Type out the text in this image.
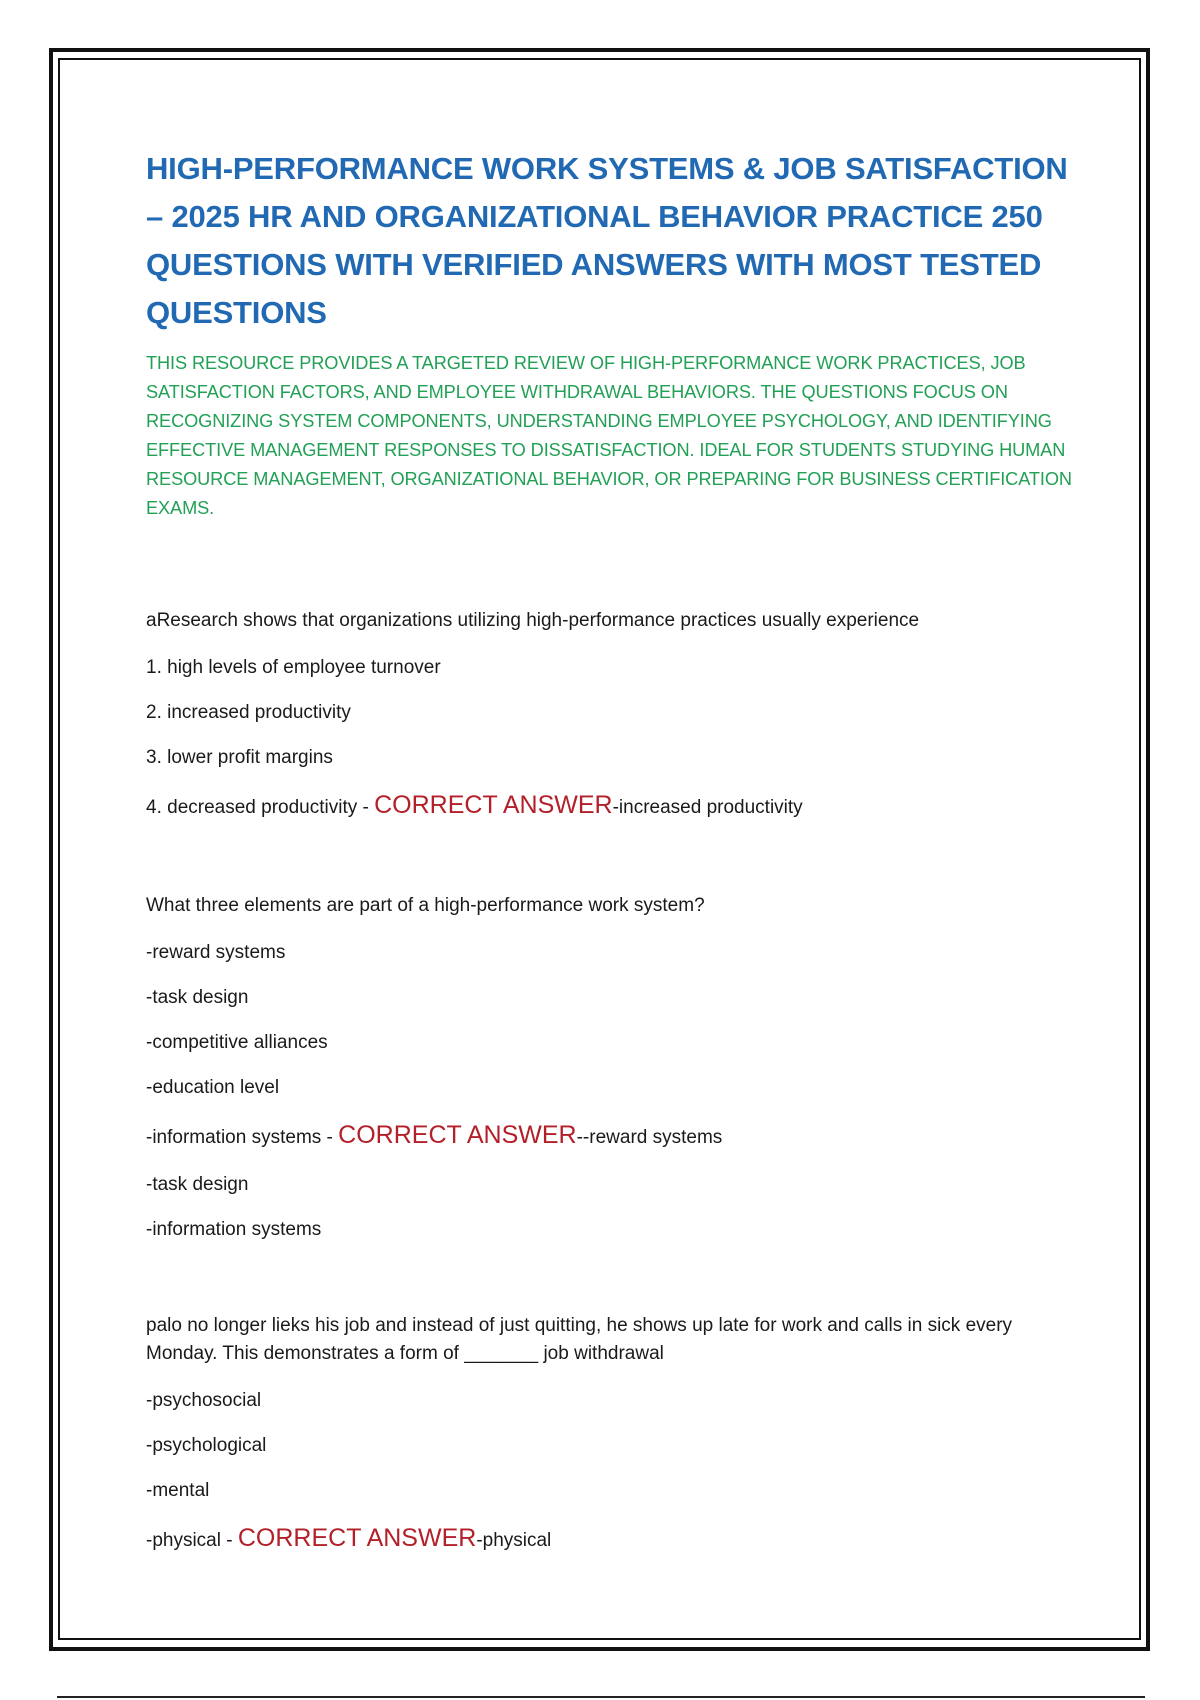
HIGH-PERFORMANCE WORK SYSTEMS & JOB SATISFACTION – 2025 HR AND ORGANIZATIONAL BEHAVIOR PRACTICE 250 QUESTIONS WITH VERIFIED ANSWERS WITH MOST TESTED QUESTIONS

THIS RESOURCE PROVIDES A TARGETED REVIEW OF HIGH-PERFORMANCE WORK PRACTICES, JOB SATISFACTION FACTORS, AND EMPLOYEE WITHDRAWAL BEHAVIORS. THE QUESTIONS FOCUS ON RECOGNIZING SYSTEM COMPONENTS, UNDERSTANDING EMPLOYEE PSYCHOLOGY, AND IDENTIFYING EFFECTIVE MANAGEMENT RESPONSES TO DISSATISFACTION. IDEAL FOR STUDENTS STUDYING HUMAN RESOURCE MANAGEMENT, ORGANIZATIONAL BEHAVIOR, OR PREPARING FOR BUSINESS CERTIFICATION EXAMS.

aResearch shows that organizations utilizing high-performance practices usually experience
1. high levels of employee turnover
2. increased productivity
3. lower profit margins
4. decreased productivity - CORRECT ANSWER-increased productivity
What three elements are part of a high-performance work system?
-reward systems
-task design
-competitive alliances
-education level
-information systems - CORRECT ANSWER--reward systems
-task design
-information systems
palo no longer lieks his job and instead of just quitting, he shows up late for work and calls in sick every Monday. This demonstrates a form of _______ job withdrawal
-psychosocial
-psychological
-mental
-physical - CORRECT ANSWER-physical
